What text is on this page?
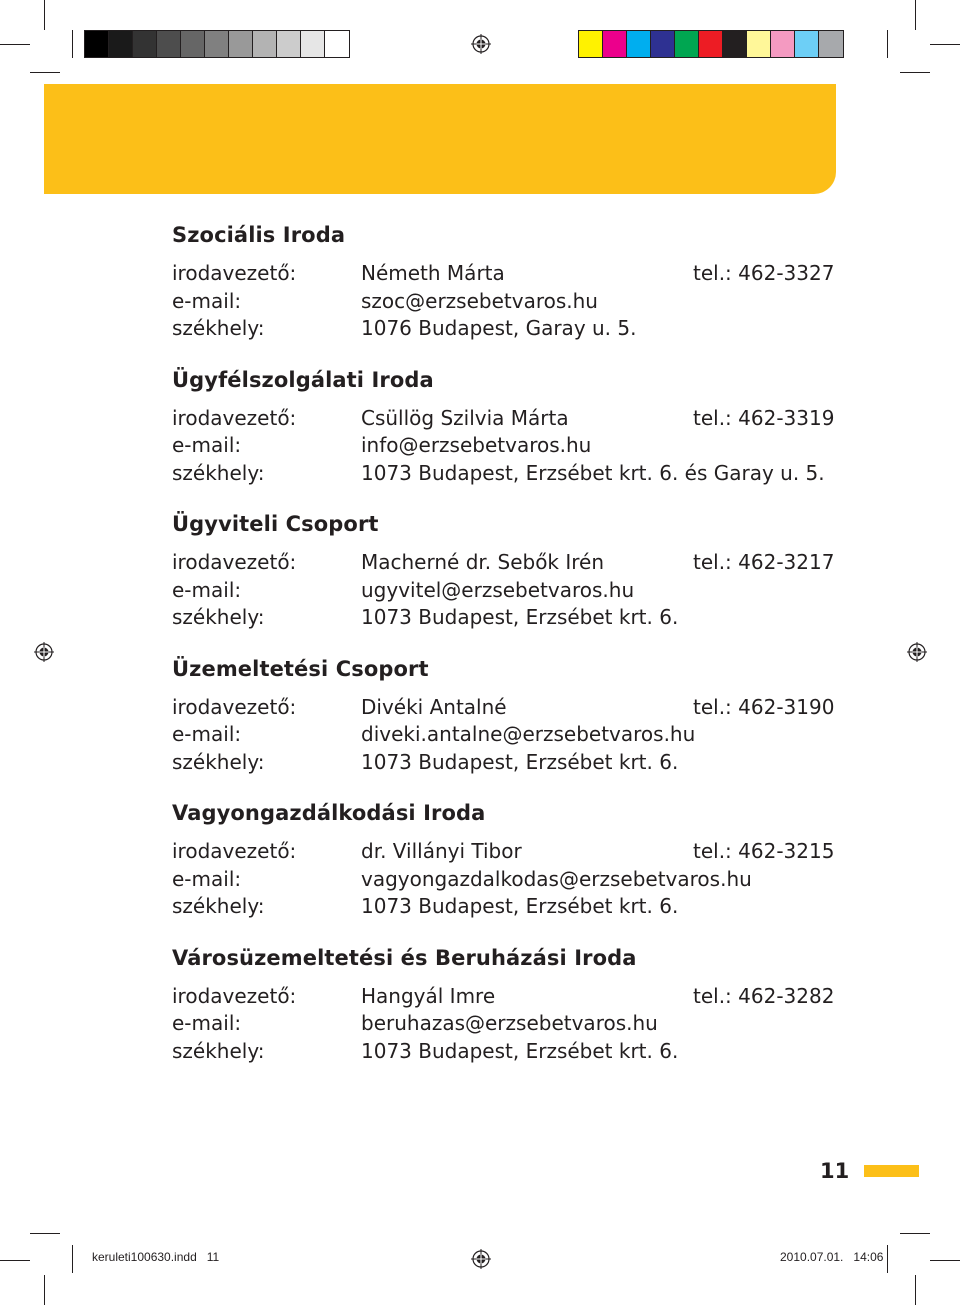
Szociális Iroda
irodavezető:	Németh Márta	tel.: 462-3327
e-mail:	szoc@erzsebetvaros.hu
székhely:	1076 Budapest, Garay u. 5.
Ügyfélszolgálati Iroda
irodavezető:	Csüllög Szilvia Márta	tel.: 462-3319
e-mail:	info@erzsebetvaros.hu
székhely:	1073 Budapest, Erzsébet krt. 6. és Garay u. 5.
Ügyviteli Csoport
irodavezető:	Macherné dr. Sebők Irén	tel.: 462-3217
e-mail:	ugyvitel@erzsebetvaros.hu
székhely:	1073 Budapest, Erzsébet krt. 6.
Üzemeltetési Csoport
irodavezető:	Divéki Antalné	tel.: 462-3190
e-mail:	diveki.antalne@erzsebetvaros.hu
székhely:	1073 Budapest, Erzsébet krt. 6.
Vagyongazdálkodási Iroda
irodavezető:	dr. Villányi Tibor	tel.: 462-3215
e-mail:	vagyongazdalkodas@erzsebetvaros.hu
székhely:	1073 Budapest, Erzsébet krt. 6.
Városüzemeltetési és Beruházási Iroda
irodavezető:	Hangyál Imre	tel.: 462-3282
e-mail:	beruhazas@erzsebetvaros.hu
székhely:	1073 Budapest, Erzsébet krt. 6.
11
keruleti100630.indd   11	2010.07.01.   14:06
